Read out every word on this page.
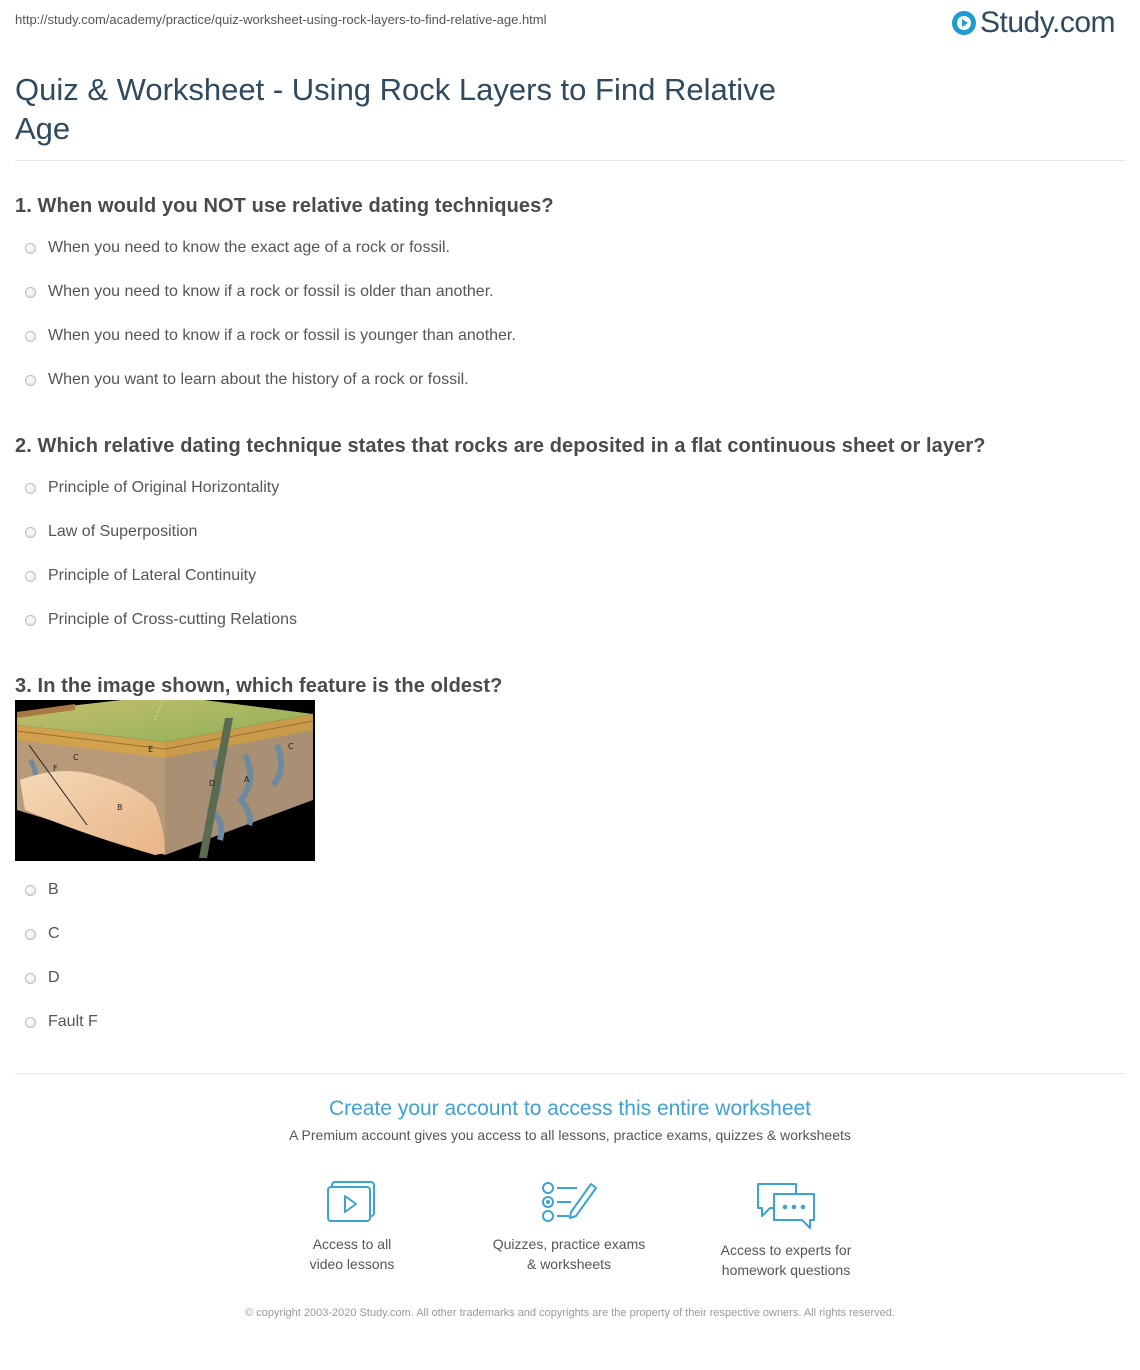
http://study.com/academy/practice/quiz-worksheet-using-rock-layers-to-find-relative-age.html	Study.com
Quiz & Worksheet - Using Rock Layers to Find Relative Age
1. When would you NOT use relative dating techniques?
When you need to know the exact age of a rock or fossil.
When you need to know if a rock or fossil is older than another.
When you need to know if a rock or fossil is younger than another.
When you want to learn about the history of a rock or fossil.
2. Which relative dating technique states that rocks are deposited in a flat continuous sheet or layer?
Principle of Original Horizontality
Law of Superposition
Principle of Lateral Continuity
Principle of Cross-cutting Relations
3. In the image shown, which feature is the oldest?
C
E	C
F
D	A
B
B
C
D
Fault F
Create your account to access this entire worksheet
A Premium account gives you access to all lessons, practice exams, quizzes & worksheets
Access to all
video lessons
Quizzes, practice exams
& worksheets
Access to experts for
homework questions
© copyright 2003-2020 Study.com. All other trademarks and copyrights are the property of their respective owners. All rights reserved.
